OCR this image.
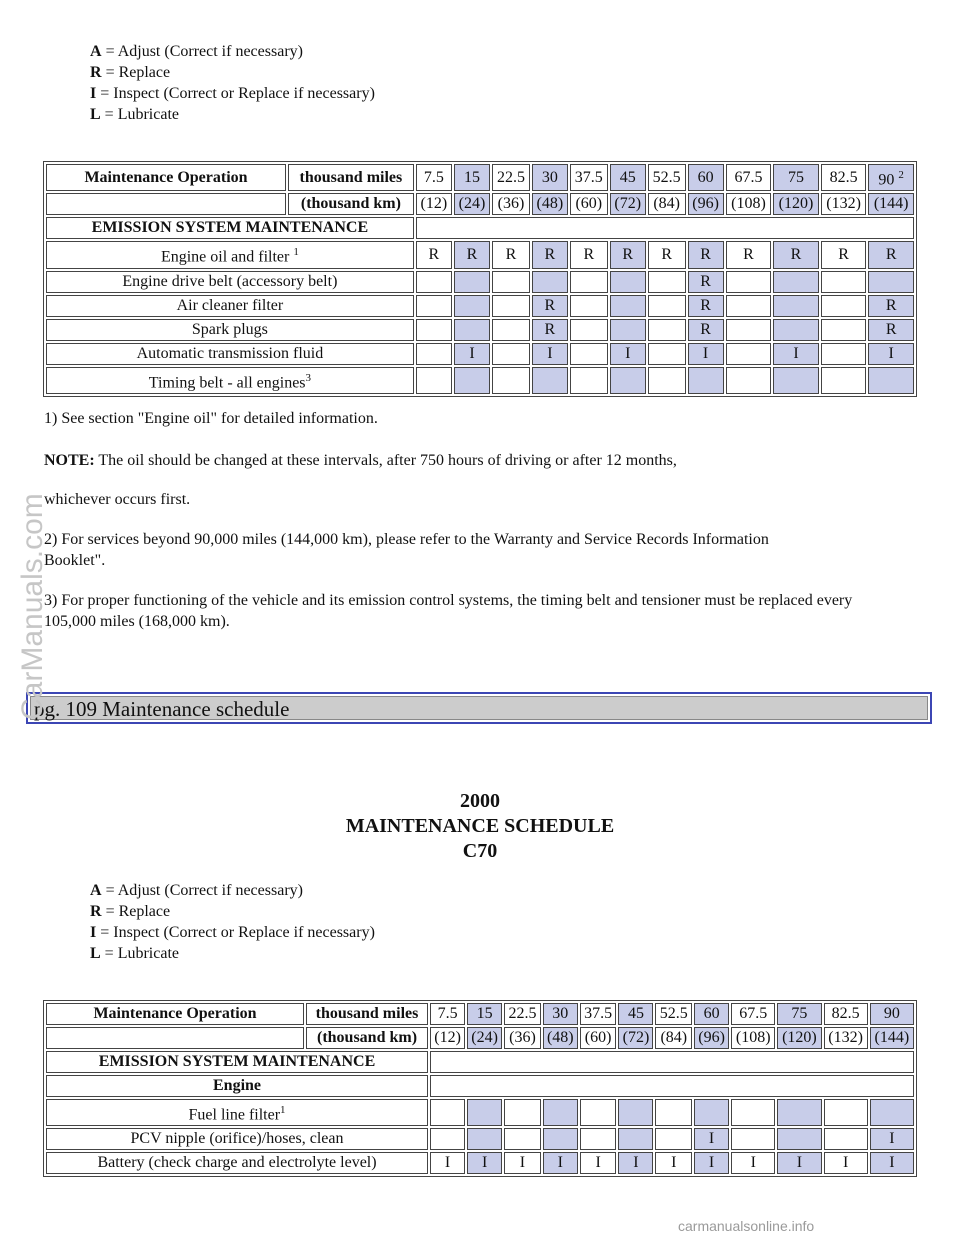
A = Adjust (Correct if necessary)
R = Replace
I = Inspect (Correct or Replace if necessary)
L = Lubricate
Maintenance Operation	thousand miles	7.5	15	22.5	30	37.5	45	52.5	60	67.5	75	82.5	90 $^2$
	(thousand km)	(12)	(24)	(36)	(48)	(60)	(72)	(84)	(96)	(108)	(120)	(132)	(144)
EMISSION SYSTEM MAINTENANCE													
Engine oil and filter $^1$		R	R	R	R	R	R	R	R	R	R	R	R
Engine drive belt (accessory belt)									R				
Air cleaner filter					R				R				R
Spark plugs					R				R				R
Automatic transmission fluid			I		I		I		I		I		I
Timing belt - all engines$^3$												
1) See section "Engine oil" for detailed information.
NOTE: The oil should be changed at these intervals, after 750 hours of driving or after 12 months,
whichever occurs first.
2) For services beyond 90,000 miles (144,000 km), please refer to the Warranty and Service Records Information Booklet".
3) For proper functioning of the vehicle and its emission control systems, the timing belt and tensioner must be replaced every 105,000 miles (168,000 km).
pg. 109 Maintenance schedule
2000
MAINTENANCE SCHEDULE
C70
A = Adjust (Correct if necessary)
R = Replace
I = Inspect (Correct or Replace if necessary)
L = Lubricate
Maintenance Operation	thousand miles	7.5	15	22.5	30	37.5	45	52.5	60	67.5	75	82.5	90
	(thousand km)	(12)	(24)	(36)	(48)	(60)	(72)	(84)	(96)	(108)	(120)	(132)	(144)
EMISSION SYSTEM MAINTENANCE													
Engine													
Fuel line filter$^1$												
PCV nipple (orifice)/hoses, clean									I				I
Battery (check charge and electrolyte level)		I	I	I	I	I	I	I	I	I	I	I	I
CarManuals.com
carmanualsonline.info
